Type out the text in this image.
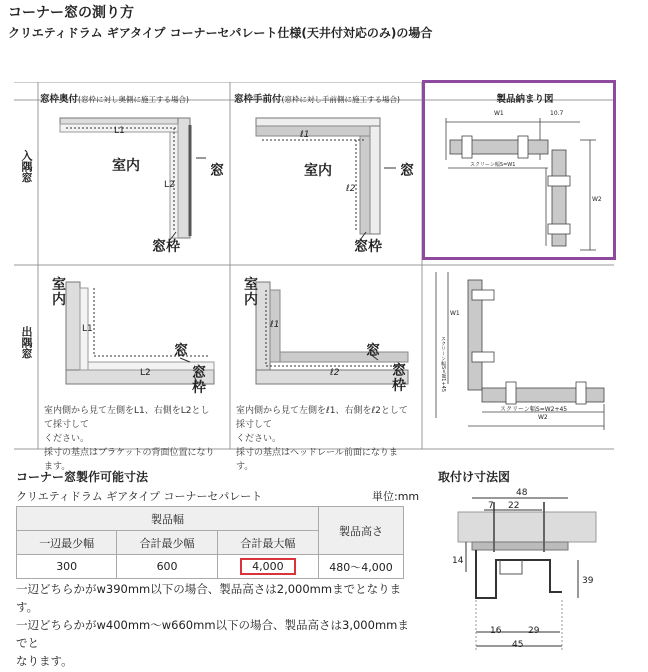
コーナー窓の測り方
クリエティドラム ギアタイプ コーナーセパレート仕様(天井付対応のみ)の場合
窓枠奥付(窓枠に対し奥側に施工する場合)	窓枠手前付(窓枠に対し手前側に施工する場合)	製品納まり図
入隅窓
出隅窓
室内	窓
窓枠
L1
L2
室内	窓
窓枠
ℓ1
ℓ2
室内
窓
窓枠
L1
L2
室内
窓
窓枠
ℓ1
ℓ2
W1	10.7
W2
スクリーン幅S=W1
スクリーン幅S=W2+45
スクリーン幅S=W1+45
W2
W1
室内側から見て左側をL1、右側をL2として採寸して
ください。
採寸の基点はブラケットの背面位置になります。
室内側から見て左側をℓ1、右側をℓ2として採寸して
ください。
採寸の基点はヘッドレール前面になります。
コーナー窓製作可能寸法
クリエティドラム ギアタイプ コーナーセパレート	単位:mm
製品幅			製品高さ
一辺最少幅	合計最少幅	合計最大幅	
300	600	4,000	480～4,000
一辺どちらかがw390mm以下の場合、製品高さは2,000mmまでとなります。
一辺どちらかがw400mm～w660mm以下の場合、製品高さは3,000mmまでと
なります。
取付け寸法図
48
7 22
14
39
16	29
45
